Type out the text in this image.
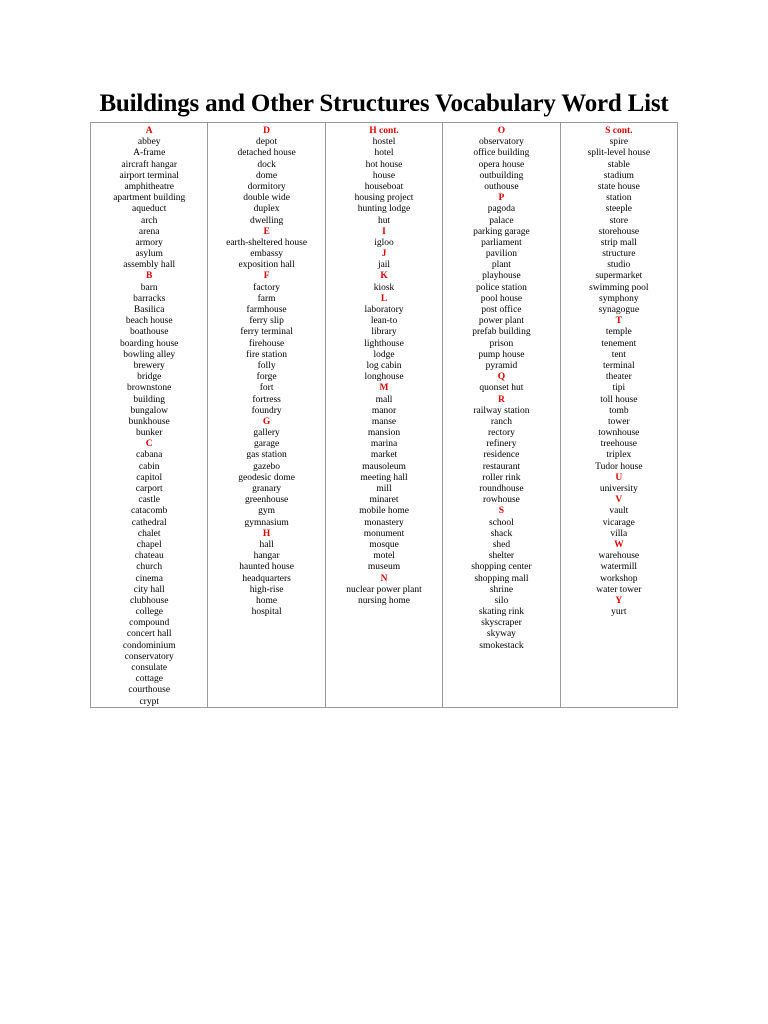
Buildings and Other Structures Vocabulary Word List
A
abbey
A-frame
aircraft hangar
airport terminal
amphitheatre
apartment building
aqueduct
arch
arena
armory
asylum
assembly hall
B
barn
barracks
Basilica
beach house
boathouse
boarding house
bowling alley
brewery
bridge
brownstone
building
bungalow
bunkhouse
bunker
C
cabana
cabin
capitol
carport
castle
catacomb
cathedral
chalet
chapel
chateau
church
cinema
city hall
clubhouse
college
compound
concert hall
condominium
conservatory
consulate
cottage
courthouse
crypt
D
depot
detached house
dock
dome
dormitory
double wide
duplex
dwelling
E
earth-sheltered house
embassy
exposition hall
F
factory
farm
farmhouse
ferry slip
ferry terminal
firehouse
fire station
folly
forge
fort
fortress
foundry
G
gallery
garage
gas station
gazebo
geodesic dome
granary
greenhouse
gym
gymnasium
H
hall
hangar
haunted house
headquarters
high-rise
home
hospital
H cont.
hostel
hotel
hot house
house
houseboat
housing project
hunting lodge
hut
I
igloo
J
jail
K
kiosk
L
laboratory
lean-to
library
lighthouse
lodge
log cabin
longhouse
M
mall
manor
manse
mansion
marina
market
mausoleum
meeting hall
mill
minaret
mobile home
monastery
monument
mosque
motel
museum
N
nuclear power plant
nursing home
O
observatory
office building
opera house
outbuilding
outhouse
P
pagoda
palace
parking garage
parliament
pavilion
plant
playhouse
police station
pool house
post office
power plant
prefab building
prison
pump house
pyramid
Q
quonset hut
R
railway station
ranch
rectory
refinery
residence
restaurant
roller rink
roundhouse
rowhouse
S
school
shack
shed
shelter
shopping center
shopping mall
shrine
silo
skating rink
skyscraper
skyway
smokestack
S cont.
spire
split-level house
stable
stadium
state house
station
steeple
store
storehouse
strip mall
structure
studio
supermarket
swimming pool
symphony
synagogue
T
temple
tenement
tent
terminal
theater
tipi
toll house
tomb
tower
townhouse
treehouse
triplex
Tudor house
U
university
V
vault
vicarage
villa
W
warehouse
watermill
workshop
water tower
Y
yurt
